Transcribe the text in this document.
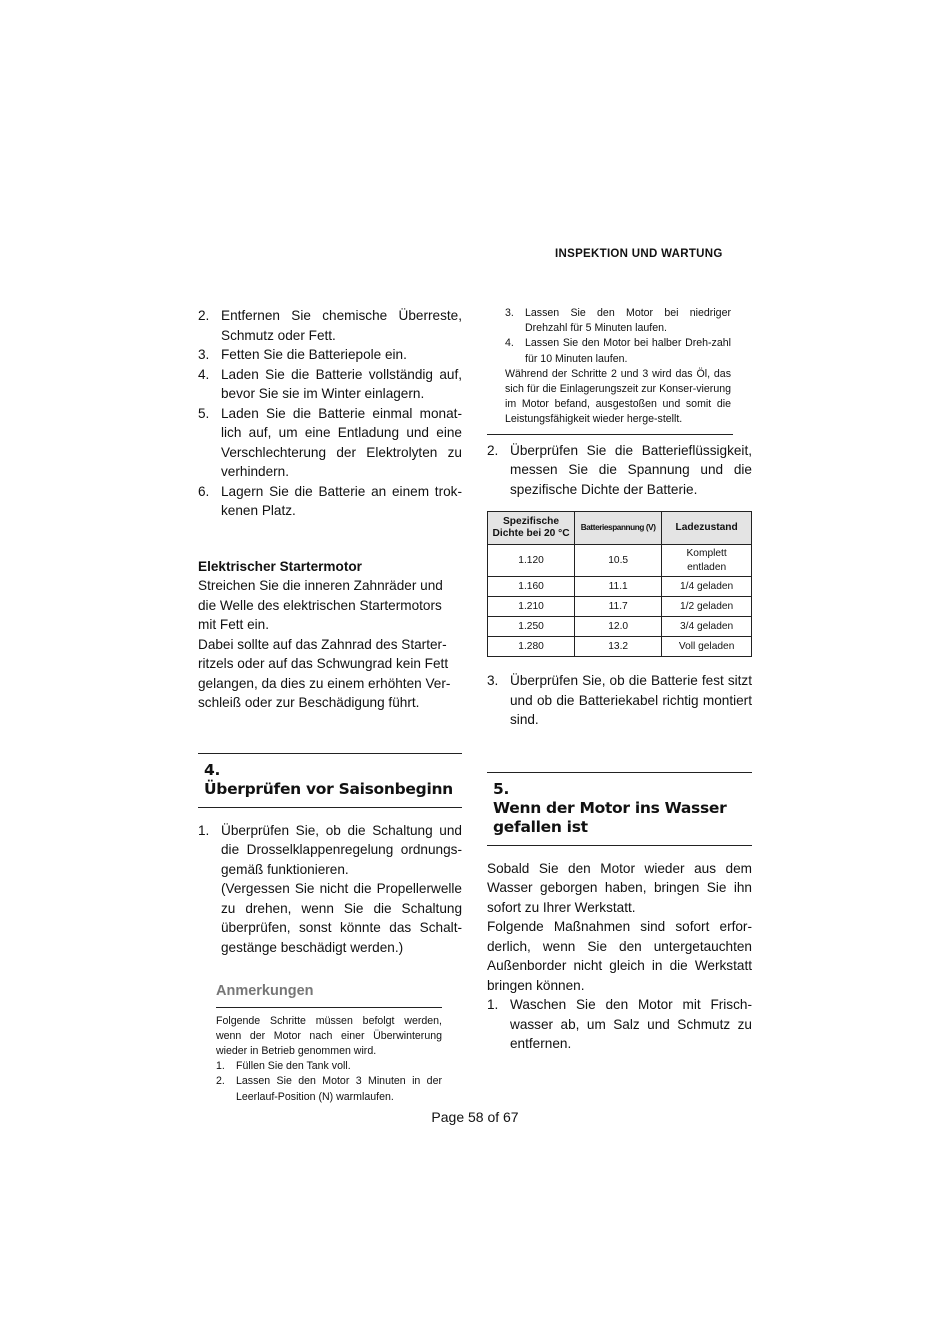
INSPEKTION UND WARTUNG
2. Entfernen Sie chemische Überreste, Schmutz oder Fett.
3. Fetten Sie die Batteriepole ein.
4. Laden Sie die Batterie vollständig auf, bevor Sie sie im Winter einlagern.
5. Laden Sie die Batterie einmal monat-lich auf, um eine Entladung und eine Verschlechterung der Elektrolyten zu verhindern.
6. Lagern Sie die Batterie an einem trok-kenen Platz.
Elektrischer Startermotor

Streichen Sie die inneren Zahnräder und die Welle des elektrischen Startermotors mit Fett ein.

Dabei sollte auf das Zahnrad des Starter-ritzels oder auf das Schwungrad kein Fett gelangen, da dies zu einem erhöhten Ver-schleiß oder zur Beschädigung führt.

4.Überprüfen vor Saisonbeginn
1. Überprüfen Sie, ob die Schaltung und die Drosselklappenregelung ordnungs-gemäß funktionieren.
(Vergessen Sie nicht die Propellerwelle zu drehen, wenn Sie die Schaltung überprüfen, sonst könnte das Schalt-gestänge beschädigt werden.)
Anmerkungen

Folgende Schritte müssen befolgt werden, wenn der Motor nach einer Überwinterung wieder in Betrieb genommen wird.

1. Füllen Sie den Tank voll.
2. Lassen Sie den Motor 3 Minuten in der Leerlauf-Position (N) warmlaufen.
3. Lassen Sie den Motor bei niedriger Drehzahl für 5 Minuten laufen.
4. Lassen Sie den Motor bei halber Dreh-zahl für 10 Minuten laufen.

Während der Schritte 2 und 3 wird das Öl, das sich für die Einlagerungszeit zur Konser-vierung im Motor befand, ausgestoßen und somit die Leistungsfähigkeit wieder herge-stellt.

2. Überprüfen Sie die Batterieflüssigkeit, messen Sie die Spannung und die spezifische Dichte der Batterie.
Spezifische Dichte bei 20 °C	Batteriespannung (V)	Ladezustand
1.120	10.5	Komplett entladen
1.160	11.1	1/4 geladen
1.210	11.7	1/2 geladen
1.250	12.0	3/4 geladen
1.280	13.2	Voll geladen
3. Überprüfen Sie, ob die Batterie fest sitzt und ob die Batteriekabel richtig montiert sind.
5.Wenn der Motor ins Wasser
gefallen ist

Sobald Sie den Motor wieder aus dem Wasser geborgen haben, bringen Sie ihn sofort zu Ihrer Werkstatt.

Folgende Maßnahmen sind sofort erfor-derlich, wenn Sie den untergetauchten Außenborder nicht gleich in die Werkstatt bringen können.

1. Waschen Sie den Motor mit Frisch-wasser ab, um Salz und Schmutz zu entfernen.
Page 58 of 67
